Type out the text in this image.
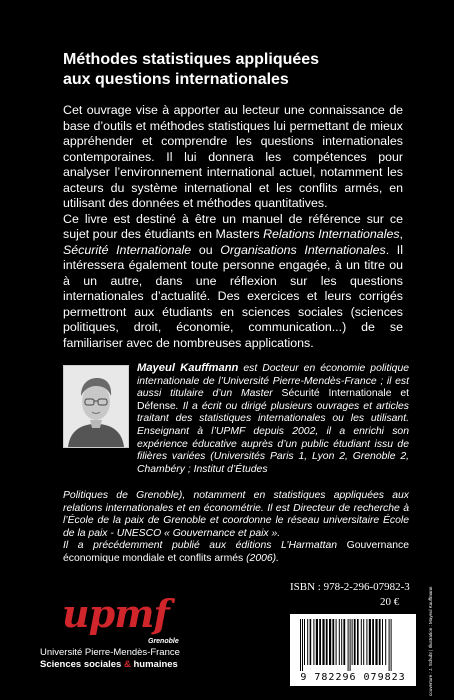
Méthodes statistiques appliquées
aux questions internationales

Cet ouvrage vise à apporter au lecteur une connaissance de base d’outils et méthodes statistiques lui permettant de mieux appréhender et comprendre les questions internationales contemporaines. Il lui donnera les compétences pour analyser l’environnement international actuel, notamment les acteurs du système international et les conflits armés, en utilisant des données et méthodes quantitatives.

Ce livre est destiné à être un manuel de référence sur ce sujet pour des étudiants en Masters Relations Internationales, Sécurité Internationale ou Organisations Internationales. Il intéressera également toute personne engagée, à un titre ou à un autre, dans une réflexion sur les questions internationales d’actualité. Des exercices et leurs corrigés permettront aux étudiants en sciences sociales (sciences politiques, droit, économie, communication...) de se familiariser avec de nombreuses applications.

Mayeul Kauffmann est Docteur en économie politique internationale de l’Université Pierre-Mendès-France ; il est aussi titulaire d’un Master Sécurité Internationale et Défense. Il a écrit ou dirigé plusieurs ouvrages et articles traitant des statistiques internationales ou les utilisant. Enseignant à l’UPMF depuis 2002, il a enrichi son expérience éducative auprès d’un public étudiant issu de filières variées (Universités Paris 1, Lyon 2, Grenoble 2, Chambéry ; Institut d’Études
Politiques de Grenoble), notamment en statistiques appliquées aux relations internationales et en économétrie. Il est Directeur de recherche à l’École de la paix de Grenoble et coordonne le réseau universitaire École de la paix - UNESCO « Gouvernance et paix ».
Il a précédemment publié aux éditions L’Harmattan Gouvernance économique mondiale et conflits armés (2006).
upmf
Grenoble
Université Pierre-Mendès-France
Sciences sociales & humaines
ISBN : 978-2-296-07982-3
20 €
9 782296 079823	couverture : J. Schubr | Illustration : Mayeul Kauffmann
